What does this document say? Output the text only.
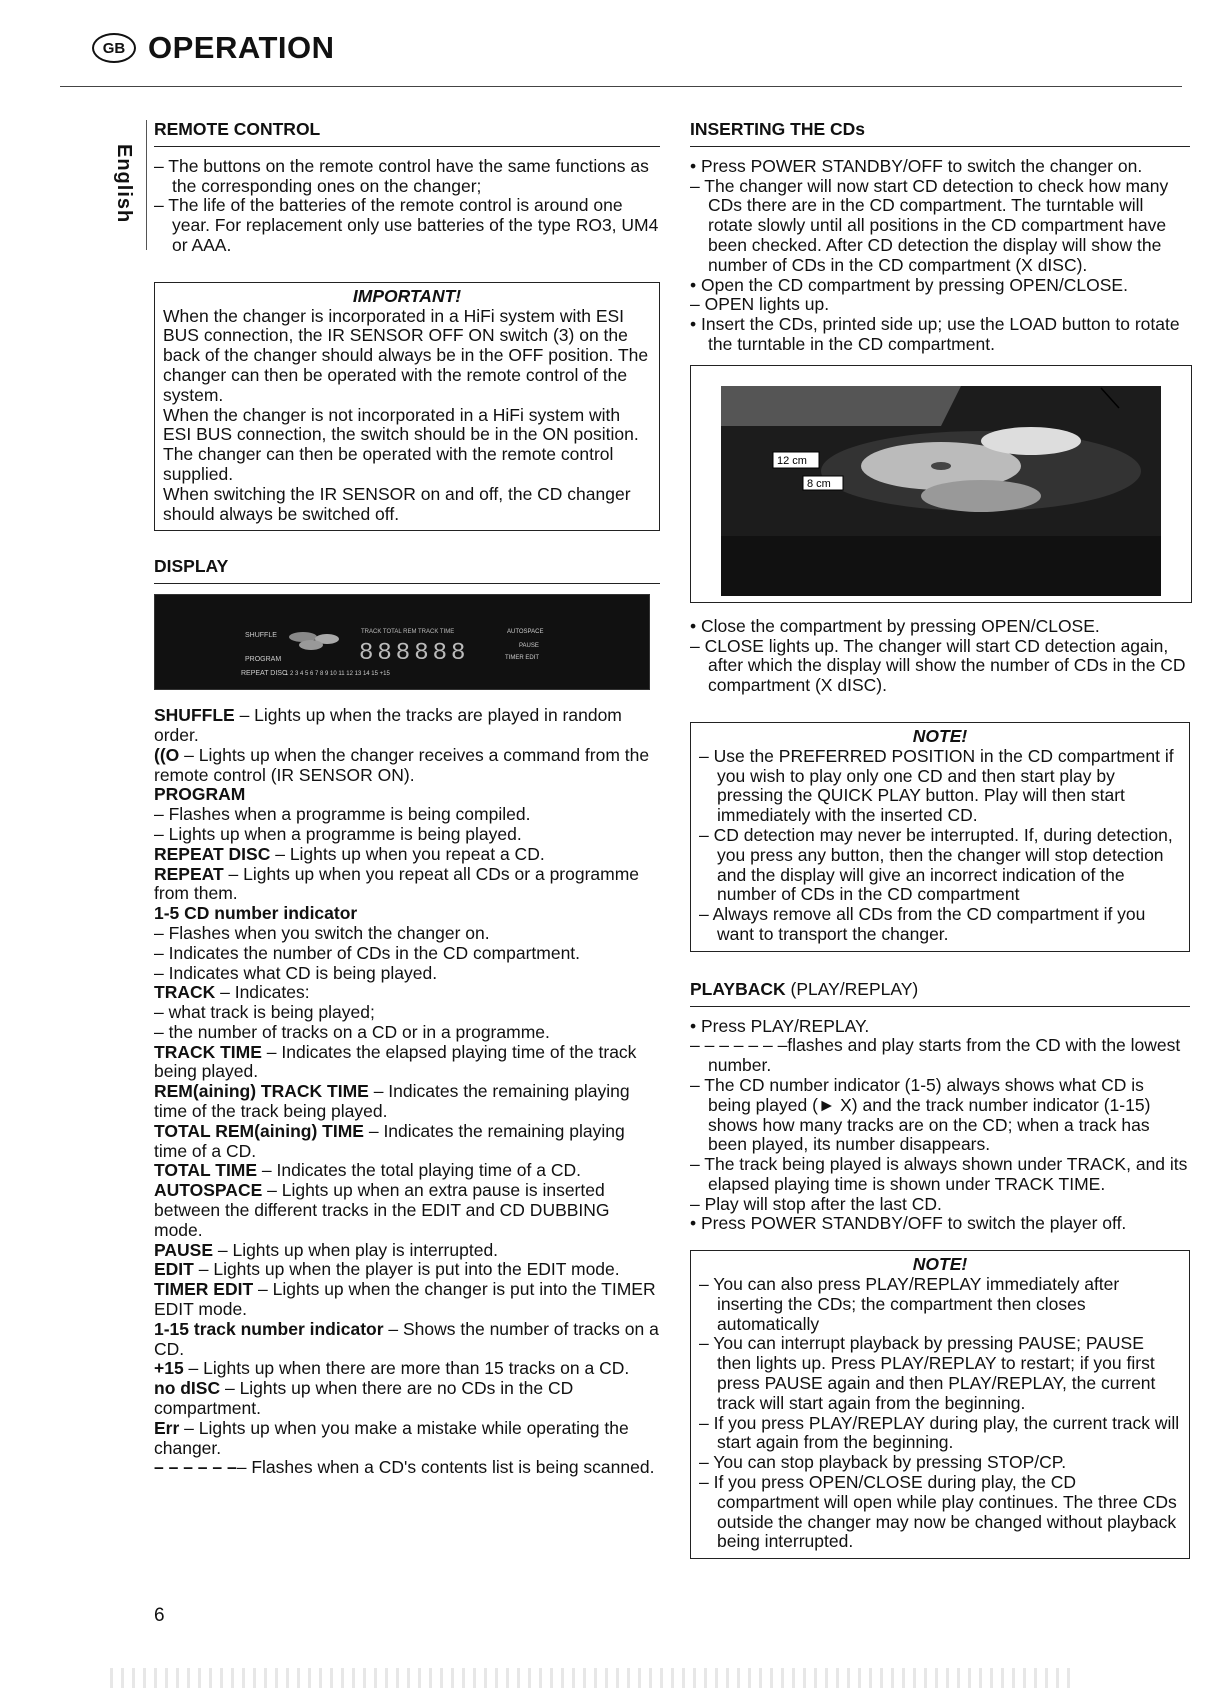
GB OPERATION
English
REMOTE CONTROL

– The buttons on the remote control have the same functions as the corresponding ones on the changer;

– The life of the batteries of the remote control is around one year. For replacement only use batteries of the type RO3, UM4 or AAA.

IMPORTANT!

When the changer is incorporated in a HiFi system with ESI BUS connection, the IR SENSOR OFF ON switch (3) on the back of the changer should always be in the OFF position. The changer can then be operated with the remote control of the system.

When the changer is not incorporated in a HiFi system with ESI BUS connection, the switch should be in the ON position. The changer can then be operated with the remote control supplied.

When switching the IR SENSOR on and off, the CD changer should always be switched off.

DISPLAY
SHUFFLE
PROGRAM
REPEAT DISC
TRACK TOTAL REM TRACK TIME
888888
AUTOSPACE
PAUSE
TIMER EDIT
1 2 3 4 5 6 7 8 9 10 11 12 13 14 15 +15

SHUFFLE – Lights up when the tracks are played in random order.

((O – Lights up when the changer receives a command from the remote control (IR SENSOR ON).

PROGRAM

– Flashes when a programme is being compiled.

– Lights up when a programme is being played.

REPEAT DISC – Lights up when you repeat a CD.

REPEAT – Lights up when you repeat all CDs or a programme from them.

1-5 CD number indicator

– Flashes when you switch the changer on.

– Indicates the number of CDs in the CD compartment.

– Indicates what CD is being played.

TRACK – Indicates:

– what track is being played;

– the number of tracks on a CD or in a programme.

TRACK TIME – Indicates the elapsed playing time of the track being played.

REM(aining) TRACK TIME – Indicates the remaining playing time of the track being played.

TOTAL REM(aining) TIME – Indicates the remaining playing time of a CD.

TOTAL TIME – Indicates the total playing time of a CD.

AUTOSPACE – Lights up when an extra pause is inserted between the different tracks in the EDIT and CD DUBBING mode.

PAUSE – Lights up when play is interrupted.

EDIT – Lights up when the player is put into the EDIT mode.

TIMER EDIT – Lights up when the changer is put into the TIMER EDIT mode.

1-15 track number indicator – Shows the number of tracks on a CD.

+15 – Lights up when there are more than 15 tracks on a CD.

no dISC – Lights up when there are no CDs in the CD compartment.

Err – Lights up when you make a mistake while operating the changer.

– – – – – –– Flashes when a CD's contents list is being scanned.

INSERTING THE CDs

• Press POWER STANDBY/OFF to switch the changer on.

– The changer will now start CD detection to check how many CDs there are in the CD compartment. The turntable will rotate slowly until all positions in the CD compartment have been checked. After CD detection the display will show the number of CDs in the CD compartment (X dISC).

• Open the CD compartment by pressing OPEN/CLOSE.

– OPEN lights up.

• Insert the CDs, printed side up; use the LOAD button to rotate the turntable in the CD compartment.

12 cm
8 cm

• Close the compartment by pressing OPEN/CLOSE.

– CLOSE lights up. The changer will start CD detection again, after which the display will show the number of CDs in the CD compartment (X dISC).

NOTE!

– Use the PREFERRED POSITION in the CD compartment if you wish to play only one CD and then start play by pressing the QUICK PLAY button. Play will then start immediately with the inserted CD.

– CD detection may never be interrupted. If, during detection, you press any button, then the changer will stop detection and the display will give an incorrect indication of the number of CDs in the CD compartment

– Always remove all CDs from the CD compartment if you want to transport the changer.

PLAYBACK (PLAY/REPLAY)

• Press PLAY/REPLAY.

– – – – – – –flashes and play starts from the CD with the lowest number.

– The CD number indicator (1-5) always shows what CD is being played (► X) and the track number indicator (1-15) shows how many tracks are on the CD; when a track has been played, its number disappears.

– The track being played is always shown under TRACK, and its elapsed playing time is shown under TRACK TIME.

– Play will stop after the last CD.

• Press POWER STANDBY/OFF to switch the player off.

NOTE!

– You can also press PLAY/REPLAY immediately after inserting the CDs; the compartment then closes automatically

– You can interrupt playback by pressing PAUSE; PAUSE then lights up. Press PLAY/REPLAY to restart; if you first press PAUSE again and then PLAY/REPLAY, the current track will start again from the beginning.

– If you press PLAY/REPLAY during play, the current track will start again from the beginning.

– You can stop playback by pressing STOP/CP.

– If you press OPEN/CLOSE during play, the CD compartment will open while play continues. The three CDs outside the changer may now be changed without playback being interrupted.

6
